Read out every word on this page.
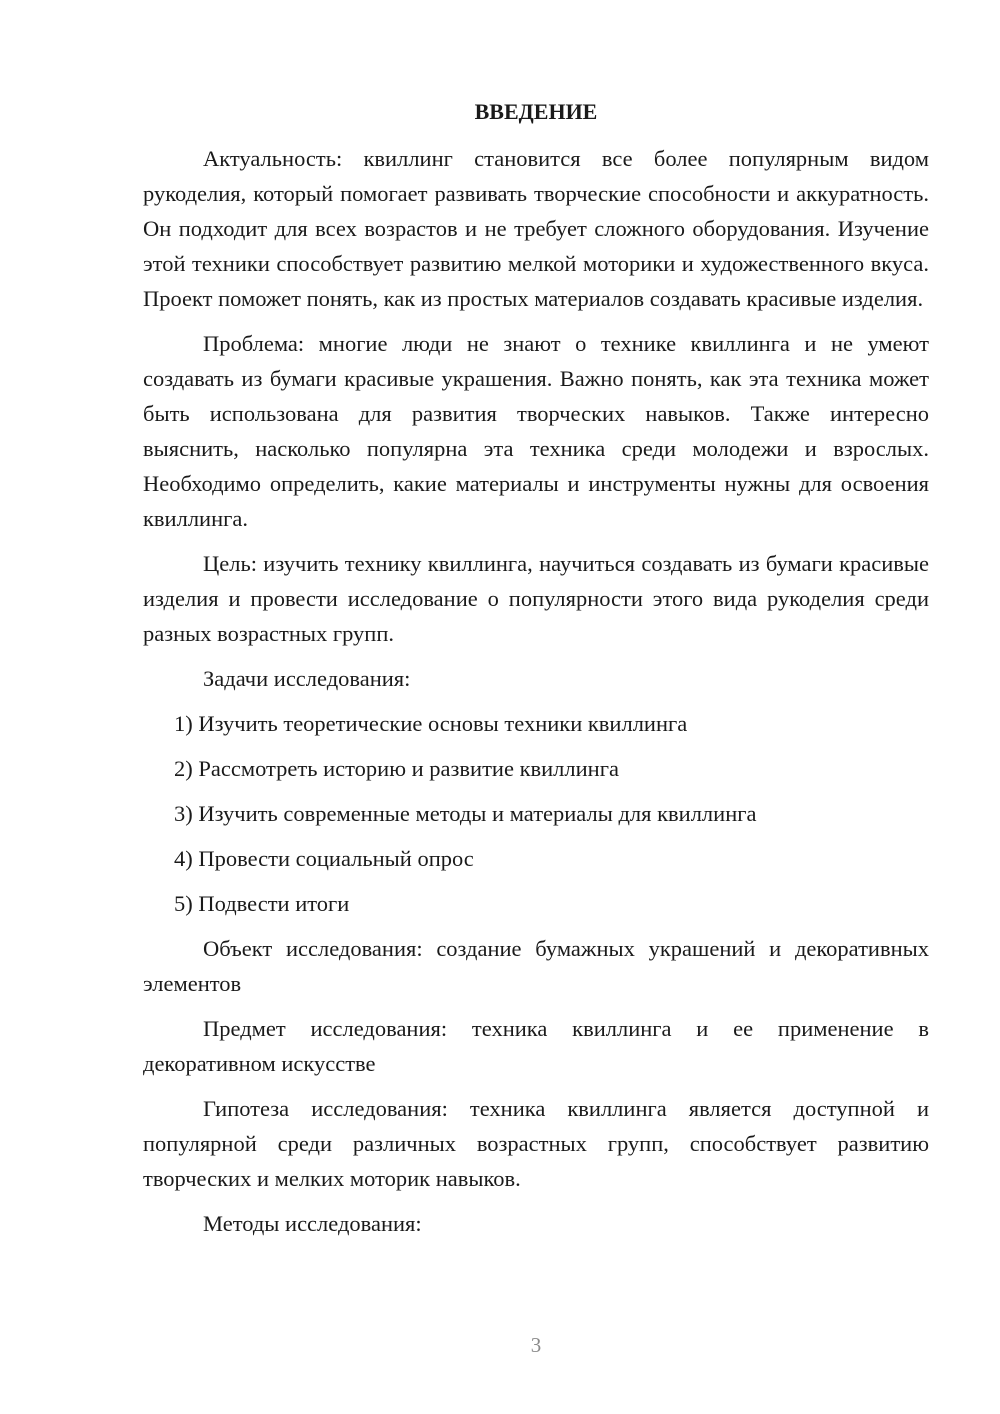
ВВЕДЕНИЕ

Актуальность: квиллинг становится все более популярным видом рукоделия, который помогает развивать творческие способности и аккуратность. Он подходит для всех возрастов и не требует сложного оборудования. Изучение этой техники способствует развитию мелкой моторики и художественного вкуса. Проект поможет понять, как из простых материалов создавать красивые изделия.

Проблема: многие люди не знают о технике квиллинга и не умеют создавать из бумаги красивые украшения. Важно понять, как эта техника может быть использована для развития творческих навыков. Также интересно выяснить, насколько популярна эта техника среди молодежи и взрослых. Необходимо определить, какие материалы и инструменты нужны для освоения квиллинга.

Цель: изучить технику квиллинга, научиться создавать из бумаги красивые изделия и провести исследование о популярности этого вида рукоделия среди разных возрастных групп.

Задачи исследования:

1) Изучить теоретические основы техники квиллинга
2) Рассмотреть историю и развитие квиллинга
3) Изучить современные методы и материалы для квиллинга
4) Провести социальный опрос
5) Подвести итоги

Объект исследования: создание бумажных украшений и декоративных элементов

Предмет исследования: техника квиллинга и ее применение в декоративном искусстве

Гипотеза исследования: техника квиллинга является доступной и популярной среди различных возрастных групп, способствует развитию творческих и мелких моторик навыков.

Методы исследования:

3
